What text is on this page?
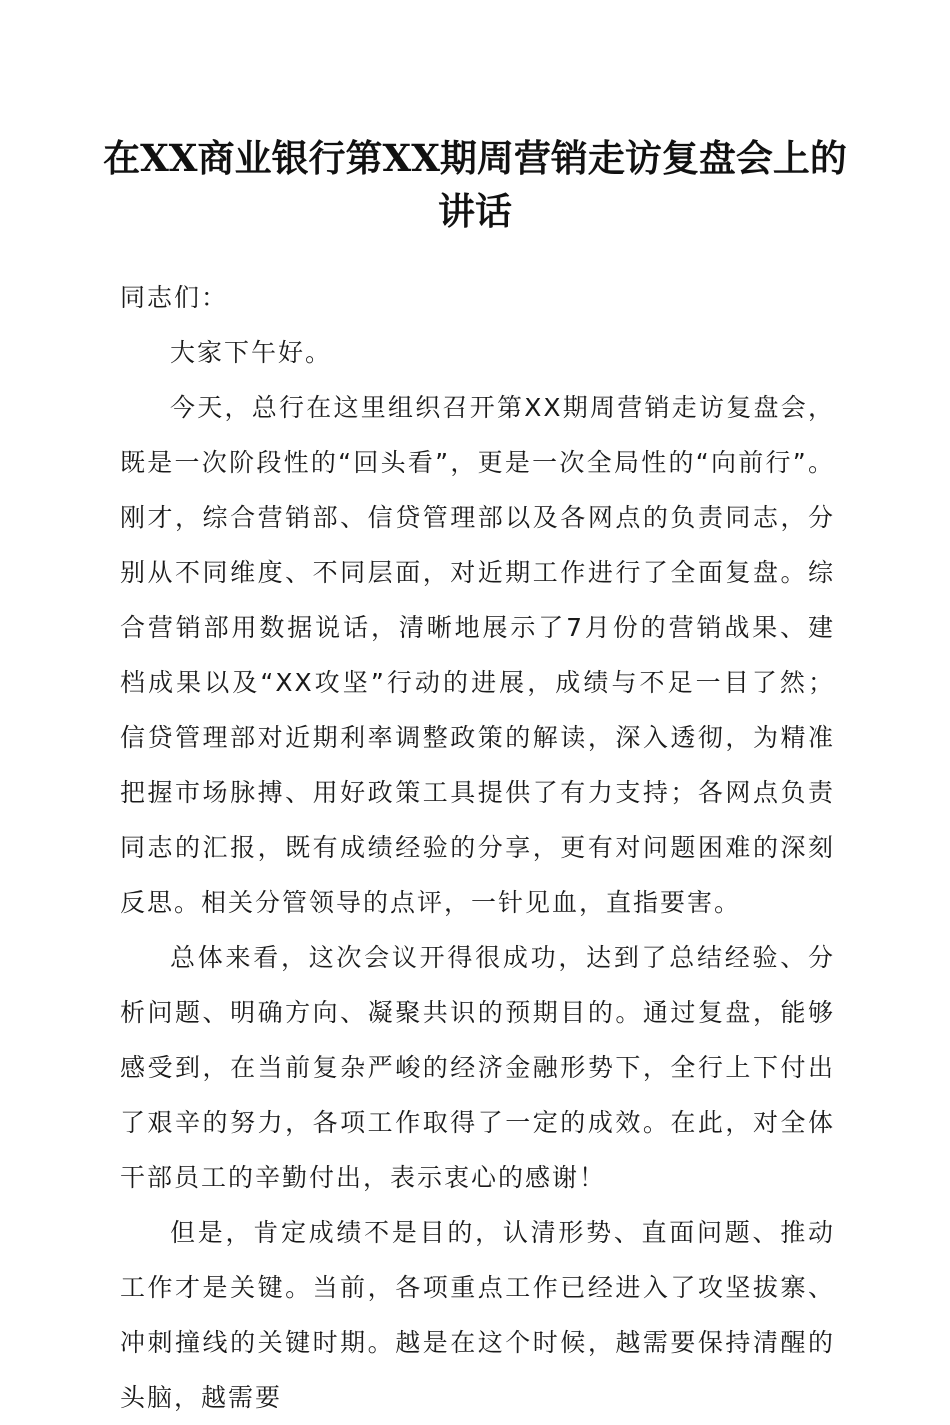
在XX商业银行第XX期周营销走访复盘会上的讲话

同志们：

大家下午好。

今天，总行在这里组织召开第XX期周营销走访复盘会，既是一次阶段性的“回头看”，更是一次全局性的“向前行”。刚才，综合营销部、信贷管理部以及各网点的负责同志，分别从不同维度、不同层面，对近期工作进行了全面复盘。综合营销部用数据说话，清晰地展示了7月份的营销战果、建档成果以及“XX攻坚”行动的进展，成绩与不足一目了然；信贷管理部对近期利率调整政策的解读，深入透彻，为精准把握市场脉搏、用好政策工具提供了有力支持；各网点负责同志的汇报，既有成绩经验的分享，更有对问题困难的深刻反思。相关分管领导的点评，一针见血，直指要害。

总体来看，这次会议开得很成功，达到了总结经验、分析问题、明确方向、凝聚共识的预期目的。通过复盘，能够感受到，在当前复杂严峻的经济金融形势下，全行上下付出了艰辛的努力，各项工作取得了一定的成效。在此，对全体干部员工的辛勤付出，表示衷心的感谢！

但是，肯定成绩不是目的，认清形势、直面问题、推动工作才是关键。当前，各项重点工作已经进入了攻坚拔寨、冲刺撞线的关键时期。越是在这个时候，越需要保持清醒的头脑，越需要
